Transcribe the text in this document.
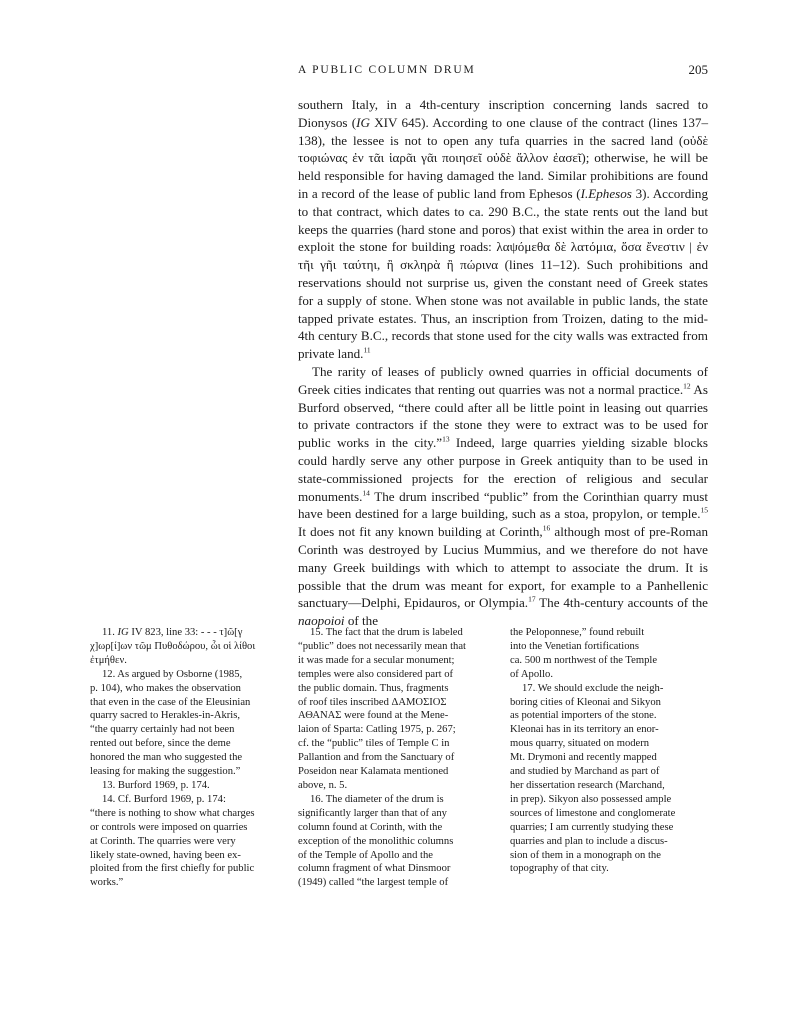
A PUBLIC COLUMN DRUM	205

southern Italy, in a 4th-century inscription concerning lands sacred to Dionysos (IG XIV 645). According to one clause of the contract (lines 137–138), the lessee is not to open any tufa quarries in the sacred land (οὐδὲ τοφιώνας ἐν τᾶι ἱαρᾶι γᾶι ποιησεῖ οὐδὲ ἄλλον ἐασεῖ); otherwise, he will be held responsible for having damaged the land. Similar prohibitions are found in a record of the lease of public land from Ephesos (I.Ephesos 3). According to that contract, which dates to ca. 290 B.C., the state rents out the land but keeps the quarries (hard stone and poros) that exist within the area in order to exploit the stone for building roads: λαψόμεθα δὲ λατόμια, ὅσα ἔνεστιν | ἐν τῆι γῆι ταύτηι, ἢ σκληρὰ ἢ πώρινα (lines 11–12). Such prohibitions and reservations should not surprise us, given the constant need of Greek states for a supply of stone. When stone was not available in public lands, the state tapped private estates. Thus, an inscription from Troizen, dating to the mid-4th century B.C., records that stone used for the city walls was extracted from private land.$^{11}$

The rarity of leases of publicly owned quarries in official documents of Greek cities indicates that renting out quarries was not a normal practice.$^{12}$ As Burford observed, “there could after all be little point in leasing out quarries to private contractors if the stone they were to extract was to be used for public works in the city.”$^{13}$ Indeed, large quarries yielding sizable blocks could hardly serve any other purpose in Greek antiquity than to be used in state-commissioned projects for the erection of religious and secular monuments.$^{14}$ The drum inscribed “public” from the Corinthian quarry must have been destined for a large building, such as a stoa, propylon, or temple.$^{15}$ It does not fit any known building at Corinth,$^{16}$ although most of pre-Roman Corinth was destroyed by Lucius Mummius, and we therefore do not have many Greek buildings with which to attempt to associate the drum. It is possible that the drum was meant for export, for example to a Panhellenic sanctuary—Delphi, Epidauros, or Olympia.$^{17}$ The 4th-century accounts of the naopoioi of the

11. IG IV 823, line 33: - - - τ]ῶ[γ
χ]ωρ[ί]ων τῶμ Πυθοδώρου, ὧι οἱ λίθοι
ἐτμήθεν.

12. As argued by Osborne (1985,
p. 104), who makes the observation
that even in the case of the Eleusinian
quarry sacred to Herakles-in-Akris,
“the quarry certainly had not been
rented out before, since the deme
honored the man who suggested the
leasing for making the suggestion.”

13. Burford 1969, p. 174.

14. Cf. Burford 1969, p. 174:
“there is nothing to show what charges
or controls were imposed on quarries
at Corinth. The quarries were very
likely state-owned, having been ex-
ploited from the first chiefly for public
works.”

15. The fact that the drum is labeled
“public” does not necessarily mean that
it was made for a secular monument;
temples were also considered part of
the public domain. Thus, fragments
of roof tiles inscribed ΔΑΜΟΣΙΟΣ
ΑΘΑΝΑΣ were found at the Mene-
laion of Sparta: Catling 1975, p. 267;
cf. the “public” tiles of Temple C in
Pallantion and from the Sanctuary of
Poseidon near Kalamata mentioned
above, n. 5.

16. The diameter of the drum is
significantly larger than that of any
column found at Corinth, with the
exception of the monolithic columns
of the Temple of Apollo and the
column fragment of what Dinsmoor
(1949) called “the largest temple of

the Peloponnese,” found rebuilt
into the Venetian fortifications
ca. 500 m northwest of the Temple
of Apollo.

17. We should exclude the neigh-
boring cities of Kleonai and Sikyon
as potential importers of the stone.
Kleonai has in its territory an enor-
mous quarry, situated on modern
Mt. Drymoni and recently mapped
and studied by Marchand as part of
her dissertation research (Marchand,
in prep). Sikyon also possessed ample
sources of limestone and conglomerate
quarries; I am currently studying these
quarries and plan to include a discus-
sion of them in a monograph on the
topography of that city.
